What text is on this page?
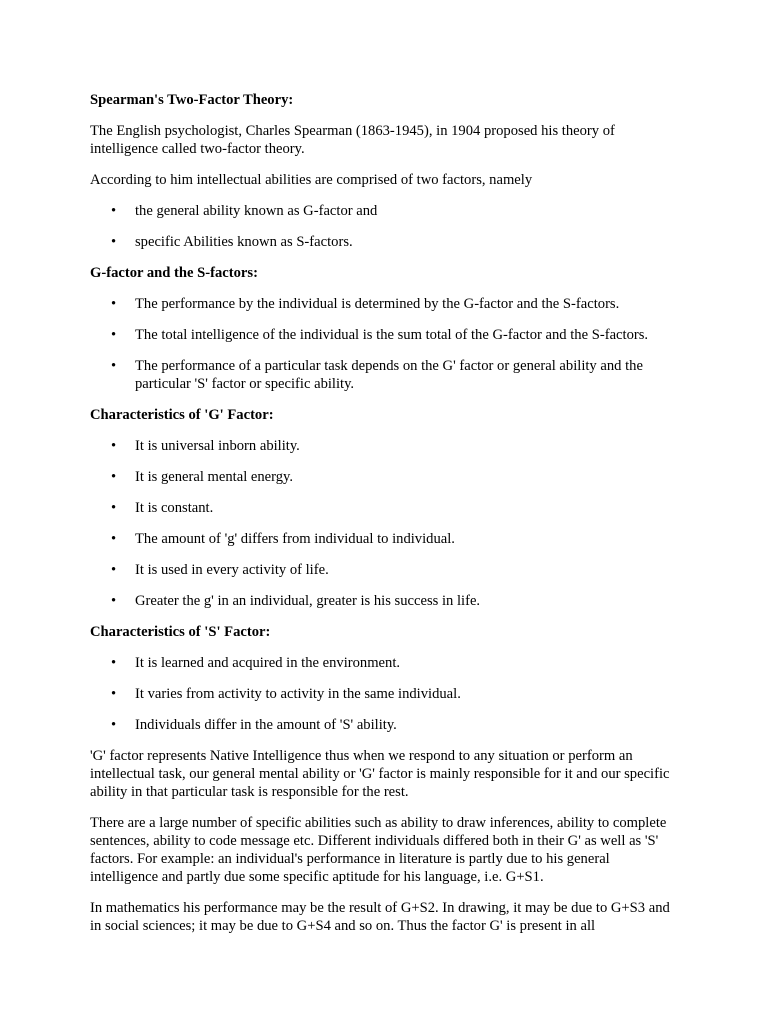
Spearman's Two-Factor Theory:

The English psychologist, Charles Spearman (1863-1945), in 1904 proposed his theory of intelligence called two-factor theory.

According to him intellectual abilities are comprised of two factors, namely

• the general ability known as G-factor and
• specific Abilities known as S-factors.

G-factor and the S-factors:

• The performance by the individual is determined by the G-factor and the S-factors.
• The total intelligence of the individual is the sum total of the G-factor and the S-factors.
• The performance of a particular task depends on the G' factor or general ability and the particular 'S' factor or specific ability.

Characteristics of 'G' Factor:

• It is universal inborn ability.
• It is general mental energy.
• It is constant.
• The amount of 'g' differs from individual to individual.
• It is used in every activity of life.
• Greater the g' in an individual, greater is his success in life.

Characteristics of 'S' Factor:

• It is learned and acquired in the environment.
• It varies from activity to activity in the same individual.
• Individuals differ in the amount of 'S' ability.

'G' factor represents Native Intelligence thus when we respond to any situation or perform an intellectual task, our general mental ability or 'G' factor is mainly responsible for it and our specific ability in that particular task is responsible for the rest.

There are a large number of specific abilities such as ability to draw inferences, ability to complete sentences, ability to code message etc. Different individuals differed both in their G' as well as 'S' factors. For example: an individual's performance in literature is partly due to his general intelligence and partly due some specific aptitude for his language, i.e. G+S1.

In mathematics his performance may be the result of G+S2. In drawing, it may be due to G+S3 and in social sciences; it may be due to G+S4 and so on. Thus the factor G' is present in all
